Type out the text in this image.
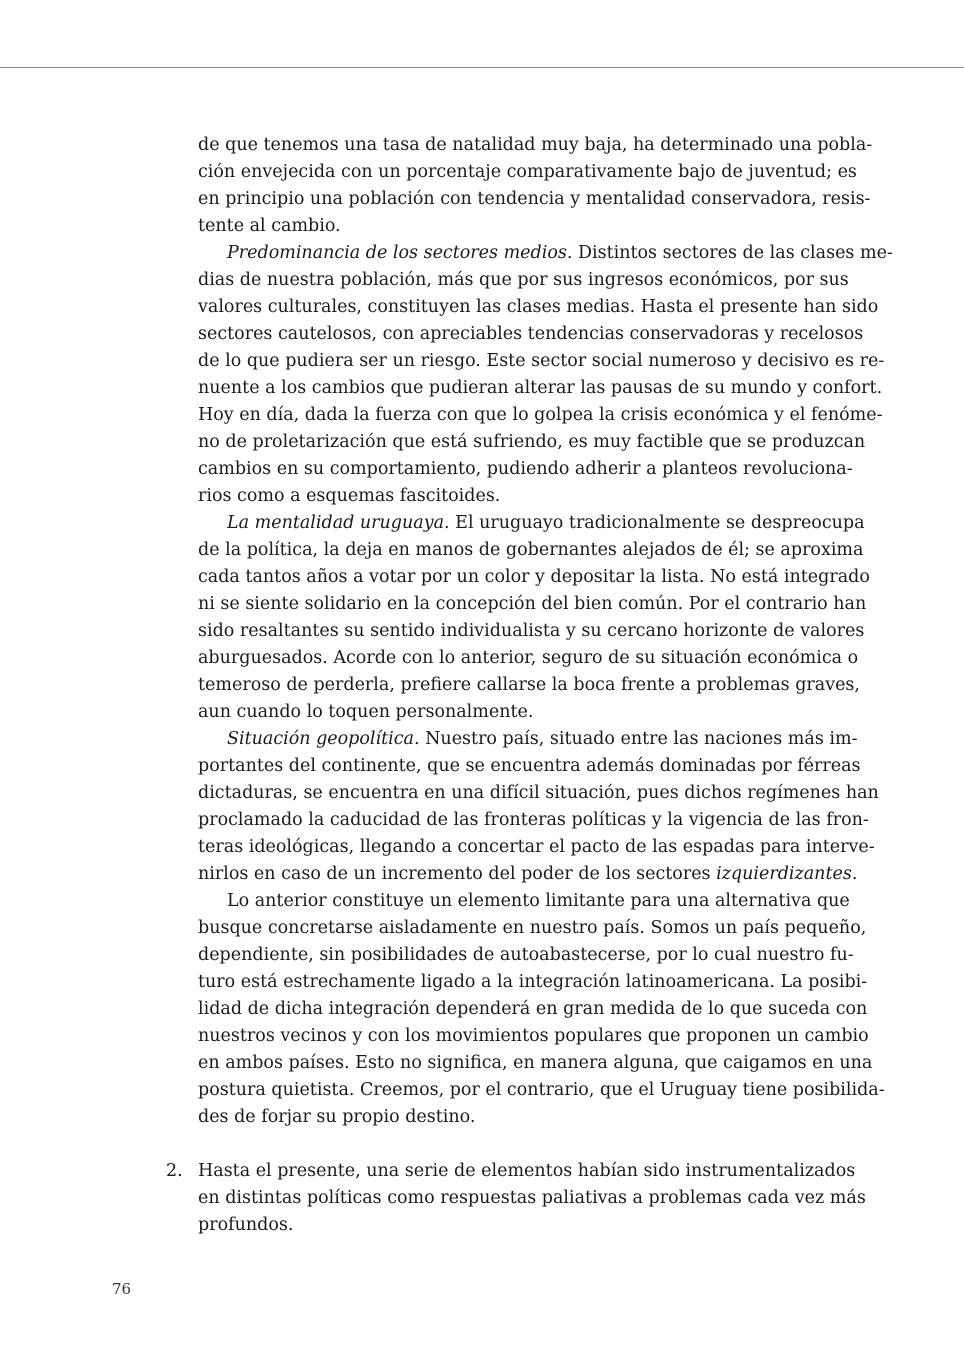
de que tenemos una tasa de natalidad muy baja, ha determinado una pobla-
ción envejecida con un porcentaje comparativamente bajo de juventud; es
en principio una población con tendencia y mentalidad conservadora, resis-
tente al cambio.
Predominancia de los sectores medios. Distintos sectores de las clases me-
dias de nuestra población, más que por sus ingresos económicos, por sus
valores culturales, constituyen las clases medias. Hasta el presente han sido
sectores cautelosos, con apreciables tendencias conservadoras y recelosos
de lo que pudiera ser un riesgo. Este sector social numeroso y decisivo es re-
nuente a los cambios que pudieran alterar las pausas de su mundo y confort.
Hoy en día, dada la fuerza con que lo golpea la crisis económica y el fenóme-
no de proletarización que está sufriendo, es muy factible que se produzcan
cambios en su comportamiento, pudiendo adherir a planteos revoluciona-
rios como a esquemas fascitoides.
La mentalidad uruguaya. El uruguayo tradicionalmente se despreocupa
de la política, la deja en manos de gobernantes alejados de él; se aproxima
cada tantos años a votar por un color y depositar la lista. No está integrado
ni se siente solidario en la concepción del bien común. Por el contrario han
sido resaltantes su sentido individualista y su cercano horizonte de valores
aburguesados. Acorde con lo anterior, seguro de su situación económica o
temeroso de perderla, prefiere callarse la boca frente a problemas graves,
aun cuando lo toquen personalmente.
Situación geopolítica. Nuestro país, situado entre las naciones más im-
portantes del continente, que se encuentra además dominadas por férreas
dictaduras, se encuentra en una difícil situación, pues dichos regímenes han
proclamado la caducidad de las fronteras políticas y la vigencia de las fron-
teras ideológicas, llegando a concertar el pacto de las espadas para interve-
nirlos en caso de un incremento del poder de los sectores izquierdizantes.
Lo anterior constituye un elemento limitante para una alternativa que
busque concretarse aisladamente en nuestro país. Somos un país pequeño,
dependiente, sin posibilidades de autoabastecerse, por lo cual nuestro fu-
turo está estrechamente ligado a la integración latinoamericana. La posibi-
lidad de dicha integración dependerá en gran medida de lo que suceda con
nuestros vecinos y con los movimientos populares que proponen un cambio
en ambos países. Esto no significa, en manera alguna, que caigamos en una
postura quietista. Creemos, por el contrario, que el Uruguay tiene posibilida-
des de forjar su propio destino.
2. Hasta el presente, una serie de elementos habían sido instrumentalizados
en distintas políticas como respuestas paliativas a problemas cada vez más
profundos.
76
